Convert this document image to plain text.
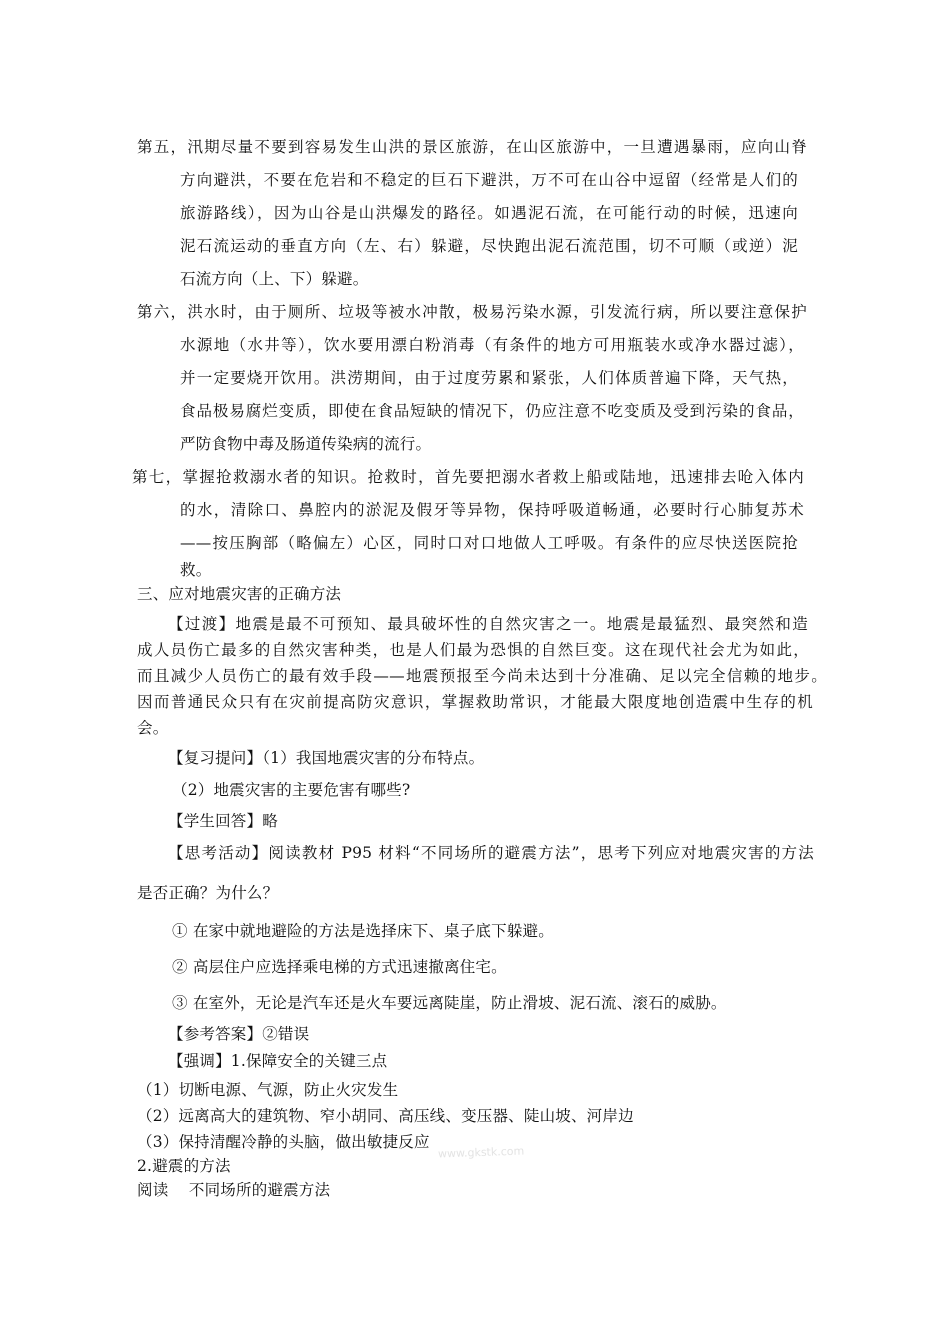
第五，汛期尽量不要到容易发生山洪的景区旅游，在山区旅游中，一旦遭遇暴雨，应向山脊
方向避洪，不要在危岩和不稳定的巨石下避洪，万不可在山谷中逗留（经常是人们的
旅游路线），因为山谷是山洪爆发的路径。如遇泥石流，在可能行动的时候，迅速向
泥石流运动的垂直方向（左、右）躲避，尽快跑出泥石流范围，切不可顺（或逆）泥
石流方向（上、下）躲避。
第六，洪水时，由于厕所、垃圾等被水冲散，极易污染水源，引发流行病，所以要注意保护
水源地（水井等），饮水要用漂白粉消毒（有条件的地方可用瓶装水或净水器过滤），
并一定要烧开饮用。洪涝期间，由于过度劳累和紧张，人们体质普遍下降，天气热，
食品极易腐烂变质，即使在食品短缺的情况下，仍应注意不吃变质及受到污染的食品，
严防食物中毒及肠道传染病的流行。
第七，掌握抢救溺水者的知识。抢救时，首先要把溺水者救上船或陆地，迅速排去呛入体内
的水，清除口、鼻腔内的淤泥及假牙等异物，保持呼吸道畅通，必要时行心肺复苏术
——按压胸部（略偏左）心区，同时口对口地做人工呼吸。有条件的应尽快送医院抢
救。
三、应对地震灾害的正确方法
【过渡】地震是最不可预知、最具破坏性的自然灾害之一。地震是最猛烈、最突然和造
成人员伤亡最多的自然灾害种类，也是人们最为恐惧的自然巨变。这在现代社会尤为如此，
而且减少人员伤亡的最有效手段——地震预报至今尚未达到十分准确、足以完全信赖的地步。
因而普通民众只有在灾前提高防灾意识，掌握救助常识，才能最大限度地创造震中生存的机
会。
【复习提问】（1）我国地震灾害的分布特点。
（2）地震灾害的主要危害有哪些?
【学生回答】略
【思考活动】阅读教材 P95 材料“不同场所的避震方法”，思考下列应对地震灾害的方法
是否正确？为什么？
① 在家中就地避险的方法是选择床下、桌子底下躲避。
② 高层住户应选择乘电梯的方式迅速撤离住宅。
③ 在室外，无论是汽车还是火车要远离陡崖，防止滑坡、泥石流、滚石的威胁。
【参考答案】②错误
【强调】1.保障安全的关键三点
（1）切断电源、气源，防止火灾发生
（2）远离高大的建筑物、窄小胡同、高压线、变压器、陡山坡、河岸边
（3）保持清醒冷静的头脑，做出敏捷反应
2.避震的方法
阅读    不同场所的避震方法
www.gkstk.com
